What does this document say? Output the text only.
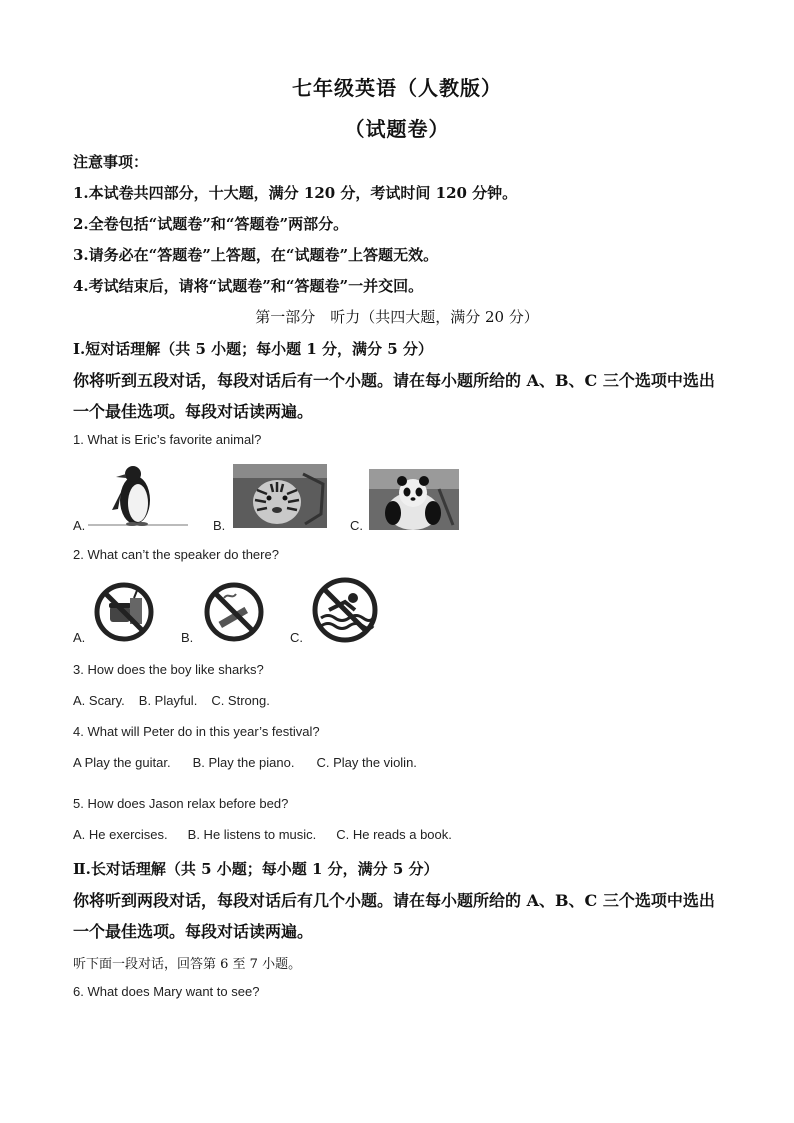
七年级英语（人教版）
（试题卷）
注意事项：
1.本试卷共四部分，十大题，满分 120 分，考试时间 120 分钟。
2.全卷包括“试题卷”和“答题卷”两部分。
3.请务必在“答题卷”上答题，在“试题卷”上答题无效。
4.考试结束后，请将“试题卷”和“答题卷”一并交回。
第一部分　听力（共四大题，满分 20 分）
Ⅰ.短对话理解（共 5 小题；每小题 1 分，满分 5 分）
你将听到五段对话，每段对话后有一个小题。请在每小题所给的 A、B、C 三个选项中选出
一个最佳选项。每段对话读两遍。
1. What is Eric’s favorite animal?
A.	B.	C.
2. What can’t the speaker do there?
A.	B.	C.
3. How does the boy like sharks?
A. Scary. B. Playful. C. Strong.
4. What will Peter do in this year’s festival?
A Play the guitar. B. Play the piano. C. Play the violin.
5. How does Jason relax before bed?
A. He exercises. B. He listens to music. C. He reads a book.
Ⅱ.长对话理解（共 5 小题；每小题 1 分，满分 5 分）
你将听到两段对话，每段对话后有几个小题。请在每小题所给的 A、B、C 三个选项中选出
一个最佳选项。每段对话读两遍。
听下面一段对话，回答第 6 至 7 小题。
6. What does Mary want to see?
